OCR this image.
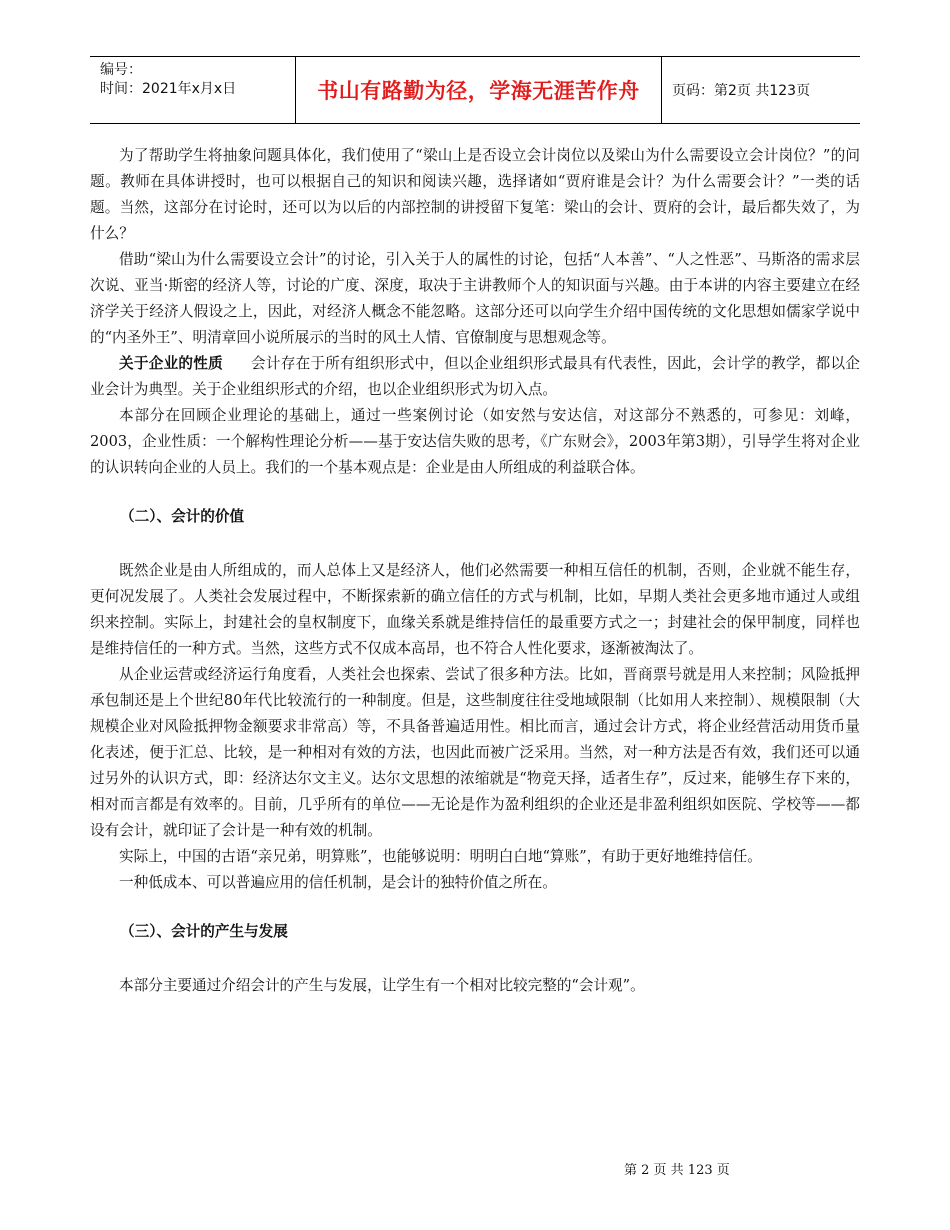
编号：
时间：2021年x月x日	书山有路勤为径，学海无涯苦作舟	页码：第2页 共123页

为了帮助学生将抽象问题具体化，我们使用了“梁山上是否设立会计岗位以及梁山为什么需要设立会计岗位？”的问题。教师在具体讲授时，也可以根据自己的知识和阅读兴趣，选择诸如“贾府谁是会计？为什么需要会计？”一类的话题。当然，这部分在讨论时，还可以为以后的内部控制的讲授留下复笔：梁山的会计、贾府的会计，最后都失效了，为什么？

借助“梁山为什么需要设立会计”的讨论，引入关于人的属性的讨论，包括“人本善”、“人之性恶”、马斯洛的需求层次说、亚当·斯密的经济人等，讨论的广度、深度，取决于主讲教师个人的知识面与兴趣。由于本讲的内容主要建立在经济学关于经济人假设之上，因此，对经济人概念不能忽略。这部分还可以向学生介绍中国传统的文化思想如儒家学说中的“内圣外王”、明清章回小说所展示的当时的风土人情、官僚制度与思想观念等。

关于企业的性质 会计存在于所有组织形式中，但以企业组织形式最具有代表性，因此，会计学的教学，都以企业会计为典型。关于企业组织形式的介绍，也以企业组织形式为切入点。

本部分在回顾企业理论的基础上，通过一些案例讨论（如安然与安达信，对这部分不熟悉的，可参见：刘峰，2003，企业性质：一个解构性理论分析——基于安达信失败的思考，《广东财会》，2003年第3期），引导学生将对企业的认识转向企业的人员上。我们的一个基本观点是：企业是由人所组成的利益联合体。

（二）、会计的价值

既然企业是由人所组成的，而人总体上又是经济人，他们必然需要一种相互信任的机制，否则，企业就不能生存，更何况发展了。人类社会发展过程中，不断探索新的确立信任的方式与机制，比如，早期人类社会更多地市通过人或组织来控制。实际上，封建社会的皇权制度下，血缘关系就是维持信任的最重要方式之一；封建社会的保甲制度，同样也是维持信任的一种方式。当然，这些方式不仅成本高昂，也不符合人性化要求，逐渐被淘汰了。

从企业运营或经济运行角度看，人类社会也探索、尝试了很多种方法。比如，晋商票号就是用人来控制；风险抵押承包制还是上个世纪80年代比较流行的一种制度。但是，这些制度往往受地域限制（比如用人来控制）、规模限制（大规模企业对风险抵押物金额要求非常高）等，不具备普遍适用性。相比而言，通过会计方式，将企业经营活动用货币量化表述，便于汇总、比较，是一种相对有效的方法，也因此而被广泛采用。当然，对一种方法是否有效，我们还可以通过另外的认识方式，即：经济达尔文主义。达尔文思想的浓缩就是“物竞天择，适者生存”，反过来，能够生存下来的，相对而言都是有效率的。目前，几乎所有的单位——无论是作为盈利组织的企业还是非盈利组织如医院、学校等——都设有会计，就印证了会计是一种有效的机制。

实际上，中国的古语“亲兄弟，明算账”，也能够说明：明明白白地“算账”，有助于更好地维持信任。

一种低成本、可以普遍应用的信任机制，是会计的独特价值之所在。

（三）、会计的产生与发展

本部分主要通过介绍会计的产生与发展，让学生有一个相对比较完整的“会计观”。

第 2 页 共 123 页
